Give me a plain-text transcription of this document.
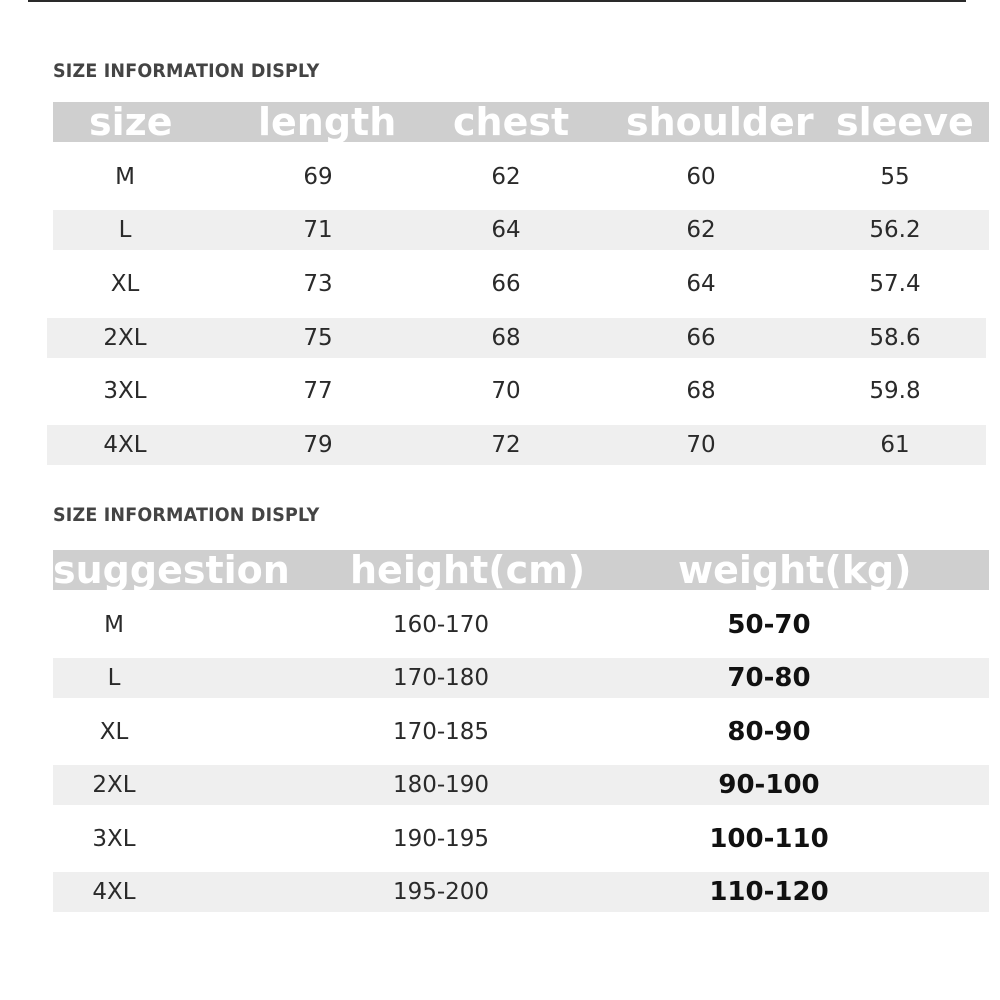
SIZE INFORMATION DISPLY
size length chest shoulder sleeve
M	69	62	60	55
L	71	64	62	56.2
XL	73	66	64	57.4
2XL	75	68	66	58.6
3XL	77	70	68	59.8
4XL	79	72	70	61
SIZE INFORMATION DISPLY
suggestion height(cm) weight(kg)
M	160-170	50-70
L	170-180	70-80
XL	170-185	80-90
2XL	180-190	90-100
3XL	190-195	100-110
4XL	195-200	110-120
